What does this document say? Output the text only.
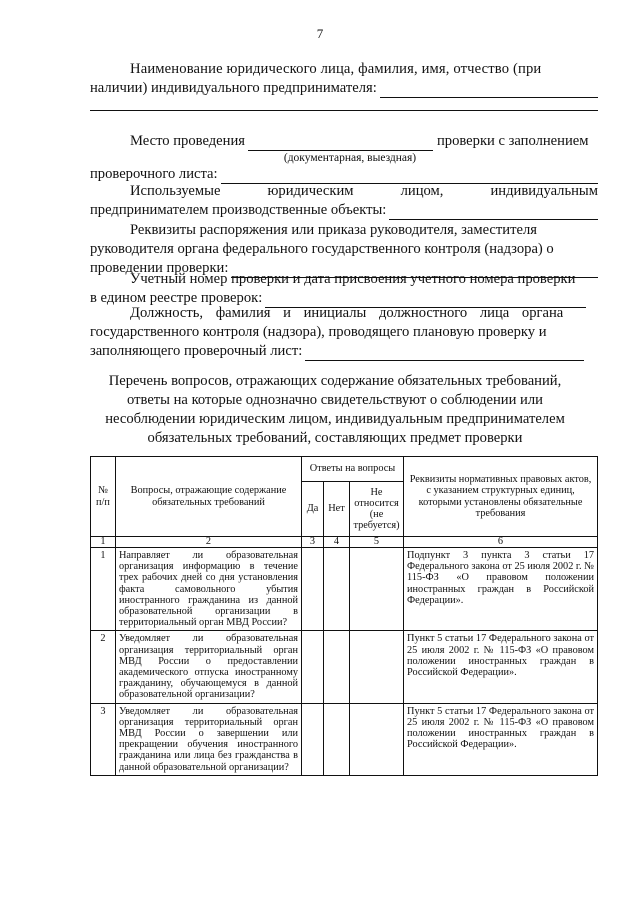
7
Наименование юридического лица, фамилия, имя, отчество (при
наличии) индивидуального предпринимателя:
Место проведения	проверки с заполнением
(документарная, выездная)
проверочного листа:
Используемые	юридическим	лицом,	индивидуальным
предпринимателем производственные объекты:
Реквизиты распоряжения или приказа руководителя, заместителя
руководителя органа федерального государственного контроля (надзора) о
проведении проверки:
Учетный номер проверки и дата присвоения учетного номера проверки
в едином реестре проверок:
Должность, фамилия и инициалы должностного лица органа
государственного контроля (надзора), проводящего плановую проверку и
заполняющего проверочный лист:
Перечень вопросов, отражающих содержание обязательных требований,
ответы на которые однозначно свидетельствуют о соблюдении или
несоблюдении юридическим лицом, индивидуальным предпринимателем
обязательных требований, составляющих предмет проверки
№ п/п	Вопросы, отражающие содержание обязательных требований	Ответы на вопросы			Реквизиты нормативных правовых актов, с указанием структурных единиц, которыми установлены обязательные требования
		Да	Нет	Не относится (не требуется)	
1	2	3	4	5	6
1	Направляет ли образовательная организация информацию в течение трех рабочих дней со дня установления факта самовольного убытия иностранного гражданина из данной образовательной организации в территориальный орган МВД России?				Подпункт 3 пункта 3 статьи 17 Федерального закона от 25 июля 2002 г. № 115-ФЗ «О правовом положении иностранных граждан в Российской Федерации».
2	Уведомляет ли образовательная организация территориальный орган МВД России о предоставлении академического отпуска иностранному гражданину, обучающемуся в данной образовательной организации?				Пункт 5 статьи 17 Федерального закона от 25 июля 2002 г. № 115-ФЗ «О правовом положении иностранных граждан в Российской Федерации».
3	Уведомляет ли образовательная организация территориальный орган МВД России о завершении или прекращении обучения иностранного гражданина или лица без гражданства в данной образовательной организации?				Пункт 5 статьи 17 Федерального закона от 25 июля 2002 г. № 115-ФЗ «О правовом положении иностранных граждан в Российской Федерации».
